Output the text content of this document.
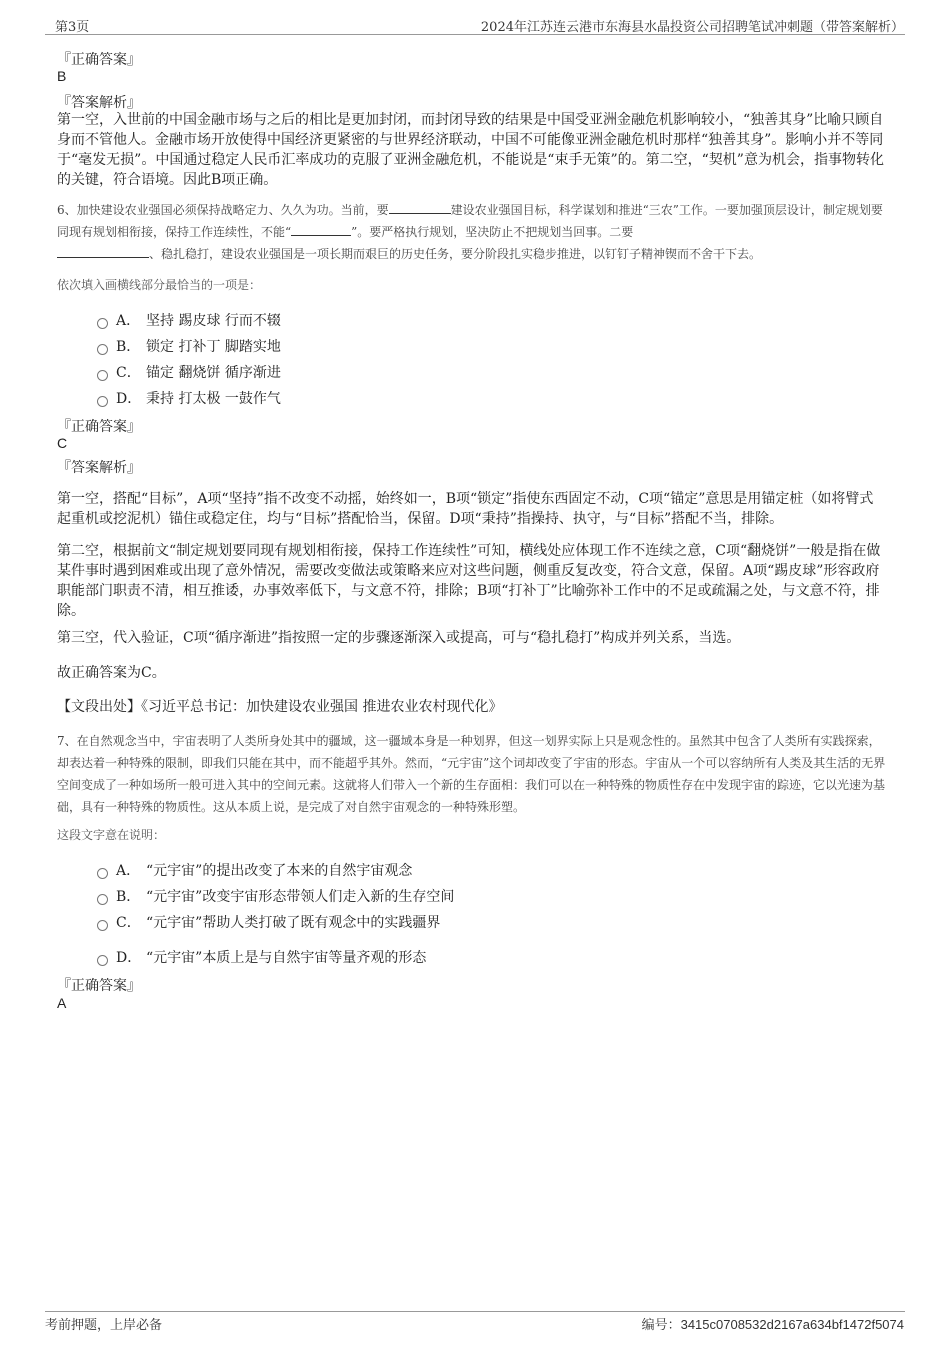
第3页	2024年江苏连云港市东海县水晶投资公司招聘笔试冲刺题（带答案解析）
『正确答案』
B
『答案解析』
第一空，入世前的中国金融市场与之后的相比是更加封闭，而封闭导致的结果是中国受亚洲金融危机影响较小，“独善其身”比喻只顾自身而不管他人。金融市场开放使得中国经济更紧密的与世界经济联动，中国不可能像亚洲金融危机时那样“独善其身”。影响小并不等同于“毫发无损”。中国通过稳定人民币汇率成功的克服了亚洲金融危机，不能说是“束手无策”的。第二空，“契机”意为机会，指事物转化的关键，符合语境。因此B项正确。
6、加快建设农业强国必须保持战略定力、久久为功。当前，要	建设农业强国目标，科学谋划和推进“三农”工作。一要加强顶层设计，制定规划要同现有规划相衔接，保持工作连续性，不能“	”。要严格执行规划，坚决防止不把规划当回事。二要
、稳扎稳打，建设农业强国是一项长期而艰巨的历史任务，要分阶段扎实稳步推进，以钉钉子精神锲而不舍干下去。
依次填入画横线部分最恰当的一项是：
A． 坚持 踢皮球 行而不辍
B． 锁定 打补丁 脚踏实地
C． 锚定 翻烧饼 循序渐进
D． 秉持 打太极 一鼓作气
『正确答案』
C
『答案解析』
第一空，搭配“目标”，A项“坚持”指不改变不动摇，始终如一，B项“锁定”指使东西固定不动，C项“锚定”意思是用锚定桩（如将臂式起重机或挖泥机）锚住或稳定住，均与“目标”搭配恰当，保留。D项“秉持”指操持、执守，与“目标”搭配不当，排除。
第二空，根据前文“制定规划要同现有规划相衔接，保持工作连续性”可知，横线处应体现工作不连续之意，C项“翻烧饼”一般是指在做某件事时遇到困难或出现了意外情况，需要改变做法或策略来应对这些问题，侧重反复改变，符合文意，保留。A项“踢皮球”形容政府职能部门职责不清，相互推诿，办事效率低下，与文意不符，排除；B项“打补丁”比喻弥补工作中的不足或疏漏之处，与文意不符，排除。
第三空，代入验证，C项“循序渐进”指按照一定的步骤逐渐深入或提高，可与“稳扎稳打”构成并列关系，当选。
故正确答案为C。
【文段出处】《习近平总书记：加快建设农业强国 推进农业农村现代化》
7、在自然观念当中，宇宙表明了人类所身处其中的疆域，这一疆域本身是一种划界，但这一划界实际上只是观念性的。虽然其中包含了人类所有实践探索，却表达着一种特殊的限制，即我们只能在其中，而不能超乎其外。然而，“元宇宙”这个词却改变了宇宙的形态。宇宙从一个可以容纳所有人类及其生活的无界空间变成了一种如场所一般可进入其中的空间元素。这就将人们带入一个新的生存面相：我们可以在一种特殊的物质性存在中发现宇宙的踪迹，它以光速为基础，具有一种特殊的物质性。这从本质上说，是完成了对自然宇宙观念的一种特殊形塑。
这段文字意在说明：
A． “元宇宙”的提出改变了本来的自然宇宙观念
B． “元宇宙”改变宇宙形态带领人们走入新的生存空间
C． “元宇宙”帮助人类打破了既有观念中的实践疆界
D． “元宇宙”本质上是与自然宇宙等量齐观的形态
『正确答案』
A
考前押题，上岸必备	编号：3415c0708532d2167a634bf1472f5074
